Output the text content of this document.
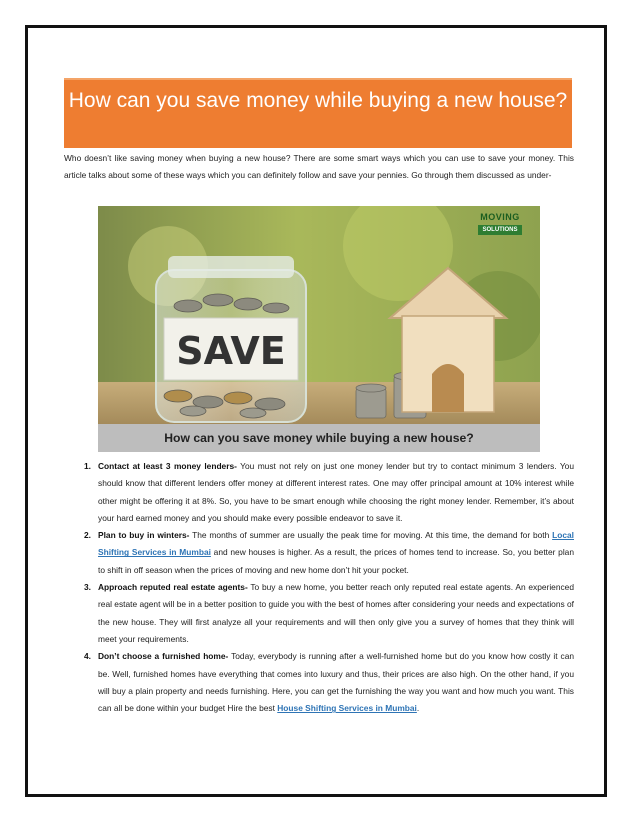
How can you save money while buying a new house?

Who doesn’t like saving money when buying a new house? There are some smart ways which you can use to save your money. This article talks about some of these ways which you can definitely follow and save your pennies. Go through them discussed as under-

SAVE
MOVING
SOLUTIONS
How can you save money while buying a new house?
1. Contact at least 3 money lenders- You must not rely on just one money lender but try to contact minimum 3 lenders. You should know that different lenders offer money at different interest rates. One may offer principal amount at 10% interest while other might be offering it at 8%. So, you have to be smart enough while choosing the right money lender. Remember, it’s about your hard earned money and you should make every possible endeavor to save it.
2. Plan to buy in winters- The months of summer are usually the peak time for moving. At this time, the demand for both Local Shifting Services in Mumbai and new houses is higher. As a result, the prices of homes tend to increase. So, you better plan to shift in off season when the prices of moving and new home don’t hit your pocket.
3. Approach reputed real estate agents- To buy a new home, you better reach only reputed real estate agents. An experienced real estate agent will be in a better position to guide you with the best of homes after considering your needs and expectations of the new house. They will first analyze all your requirements and will then only give you a survey of homes that they think will meet your requirements.
4. Don’t choose a furnished home- Today, everybody is running after a well-furnished home but do you know how costly it can be. Well, furnished homes have everything that comes into luxury and thus, their prices are also high. On the other hand, if you will buy a plain property and needs furnishing. Here, you can get the furnishing the way you want and how much you want. This can all be done within your budget Hire the best House Shifting Services in Mumbai.
